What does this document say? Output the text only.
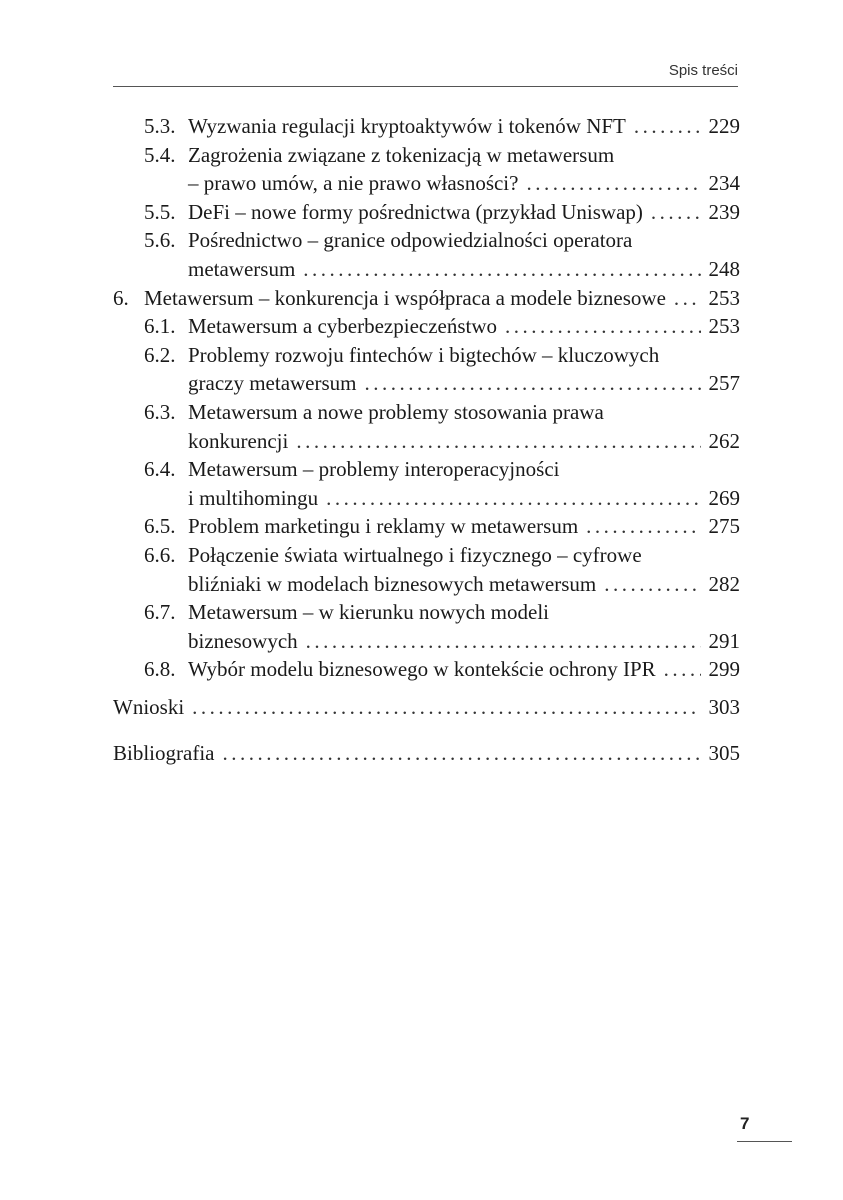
Spis treści
5.3. Wyzwania regulacji kryptoaktywów i tokenów NFT .....	229
5.4. Zagrożenia związane z tokenizacją w metawersum
– prawo umów, a nie prawo własności? .....	234
5.5. DeFi – nowe formy pośrednictwa (przykład Uniswap) .....	239
5.6. Pośrednictwo – granice odpowiedzialności operatora
metawersum .....	248
6. Metawersum – konkurencja i współpraca a modele biznesowe ..... 253
6.1. Metawersum a cyberbezpieczeństwo .....	253
6.2. Problemy rozwoju fintechów i bigtechów – kluczowych
graczy metawersum .....	257
6.3. Metawersum a nowe problemy stosowania prawa
konkurencji .....	262
6.4. Metawersum – problemy interoperacyjności
i multihomingu .....	269
6.5. Problem marketingu i reklamy w metawersum .....	275
6.6. Połączenie świata wirtualnego i fizycznego – cyfrowe
bliźniaki w modelach biznesowych metawersum .....	282
6.7. Metawersum – w kierunku nowych modeli
biznesowych .....	291
6.8. Wybór modelu biznesowego w kontekście ochrony IPR .....	299
Wnioski .....	303
Bibliografia .....	305
7
